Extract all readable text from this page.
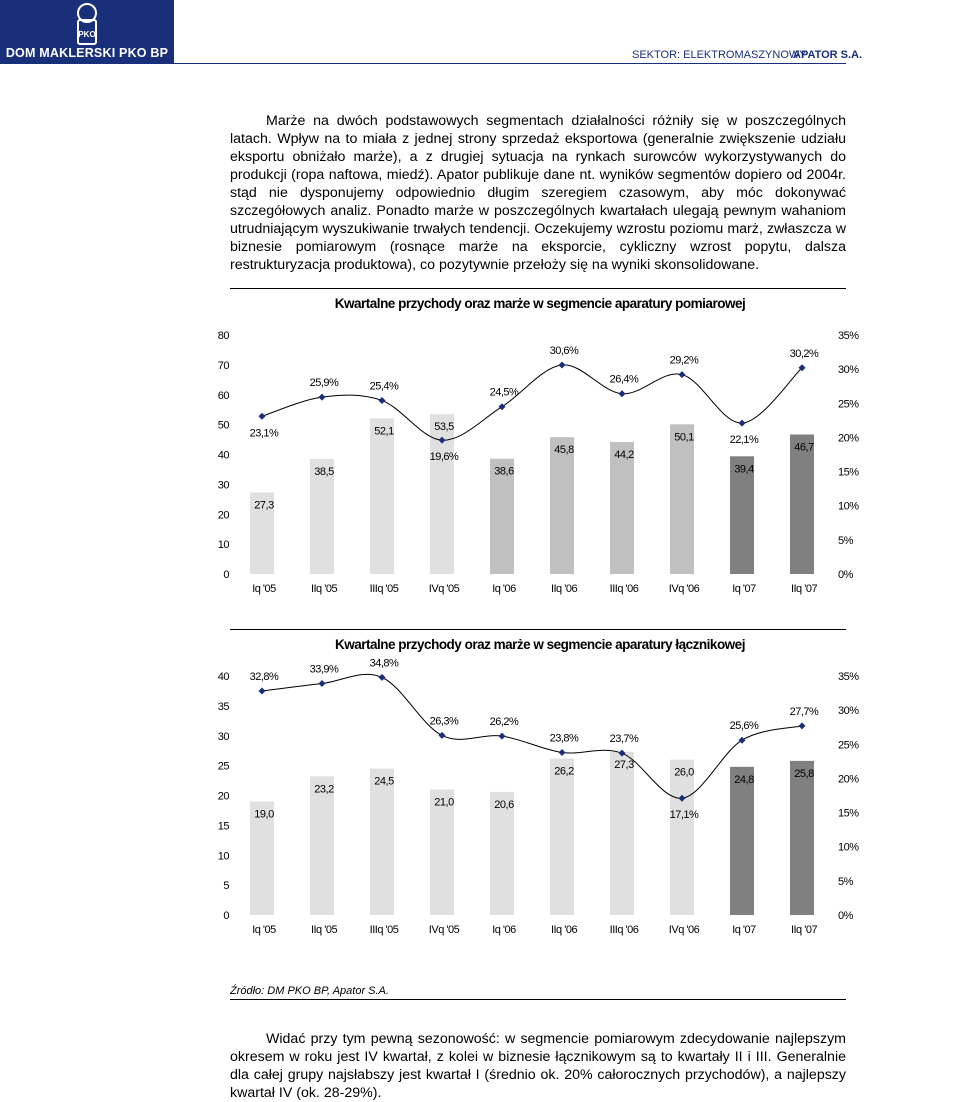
PKO
DOM MAKLERSKI PKO BP	SEKTOR: ELEKTROMASZYNOWY
APATOR S.A.

Marże na dwóch podstawowych segmentach działalności różniły się w poszczególnych latach. Wpływ na to miała z jednej strony sprzedaż eksportowa (generalnie zwiększenie udziału eksportu obniżało marże), a z drugiej sytuacja na rynkach surowców wykorzystywanych do produkcji (ropa naftowa, miedź). Apator publikuje dane nt. wyników segmentów dopiero od 2004r. stąd nie dysponujemy odpowiednio długim szeregiem czasowym, aby móc dokonywać szczegółowych analiz. Ponadto marże w poszczególnych kwartałach ulegają pewnym wahaniom utrudniającym wyszukiwanie trwałych tendencji. Oczekujemy wzrostu poziomu marż, zwłaszcza w biznesie pomiarowym (rosnące marże na eksporcie, cykliczny wzrost popytu, dalsza restrukturyzacja produktowa), co pozytywnie przełoży się na wyniki skonsolidowane.

Kwartalne przychody oraz marże w segmencie aparatury pomiarowej
0
10
20
30
40
50
60
70
80
0%
5%
10%
15%
20%
25%
30%
35%
27,3
38,5
52,1	53,5
38,6
45,8	44,2
50,1
39,4
46,7
Iq '05	IIq '05	IIIq '05	IVq '05	Iq '06	IIq '06	IIIq '06	IVq '06	Iq '07	IIq '07
23,1%
25,9%	25,4%
19,6%
24,5%
30,6%
26,4%
29,2%
22,1%
30,2%
Kwartalne przychody oraz marże w segmencie aparatury łącznikowej
0
5
10
15
20
25
30
35
40
0%
5%
10%
15%
20%
25%
30%
35%
19,0
23,2
24,5
21,0	20,6
26,2
27,3
26,0
24,8	25,8
Iq '05	IIq '05	IIIq '05	IVq '05	Iq '06	IIq '06	IIIq '06	IVq '06	Iq '07	IIq '07
32,8%
33,9%
34,8%
26,3%	26,2%
23,8%	23,7%
17,1%
25,6%
27,7%
Źródło: DM PKO BP, Apator S.A.

Widać przy tym pewną sezonowość: w segmencie pomiarowym zdecydowanie najlepszym okresem w roku jest IV kwartał, z kolei w biznesie łącznikowym są to kwartały II i III. Generalnie dla całej grupy najsłabszy jest kwartał I (średnio ok. 20% całorocznych przychodów), a najlepszy kwartał IV (ok. 28-29%).
